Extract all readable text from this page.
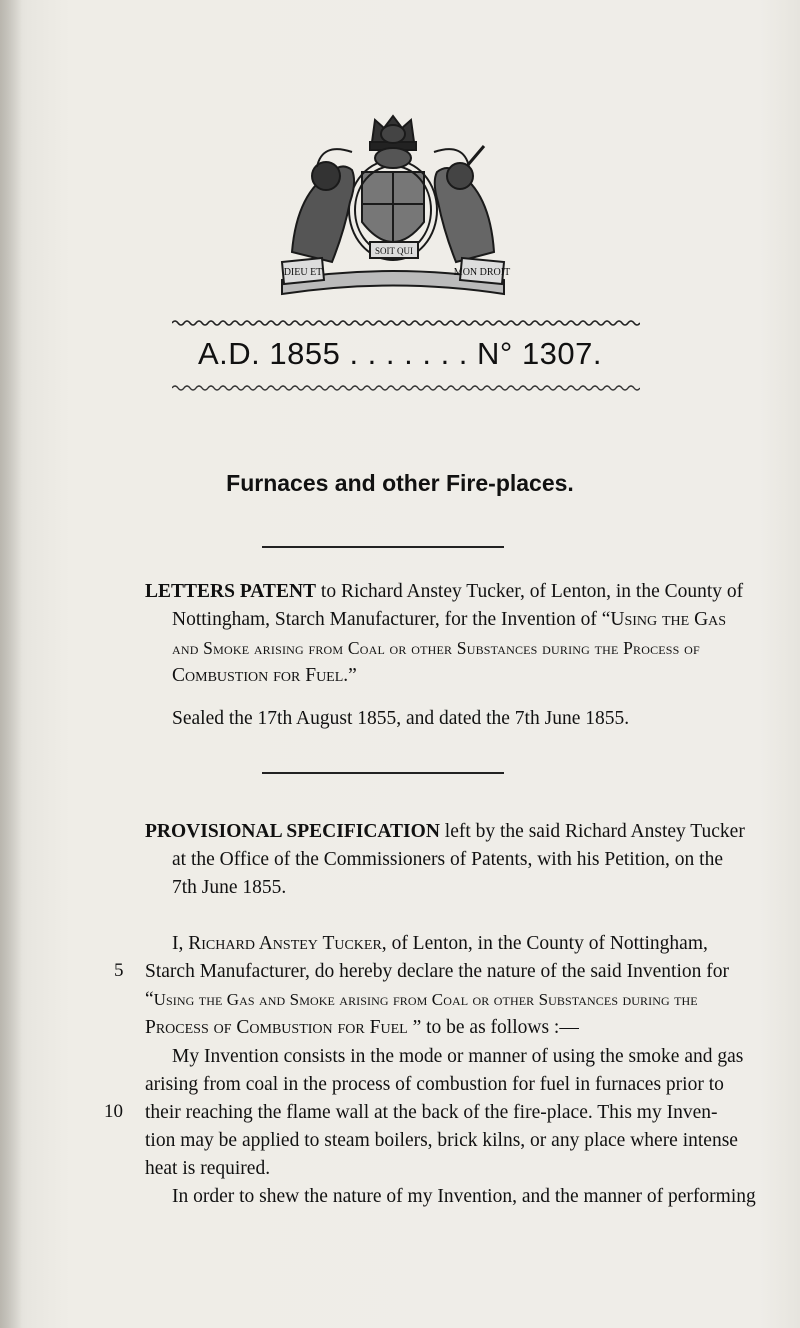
DIEU ET
SOIT QUI
MON DROIT
A.D. 1855 . . . . . . . N° 1307.
Furnaces and other Fire-places.
LETTERS PATENT to Richard Anstey Tucker, of Lenton, in the County of
Nottingham, Starch Manufacturer, for the Invention of “Using the Gas
and Smoke arising from Coal or other Substances during the Process of
Combustion for Fuel.”
Sealed the 17th August 1855, and dated the 7th June 1855.
PROVISIONAL SPECIFICATION left by the said Richard Anstey Tucker
at the Office of the Commissioners of Patents, with his Petition, on the
7th June 1855.
I, Richard Anstey Tucker, of Lenton, in the County of Nottingham,
5 Starch Manufacturer, do hereby declare the nature of the said Invention for
“Using the Gas and Smoke arising from Coal or other Substances during the
Process of Combustion for Fuel ” to be as follows :—
My Invention consists in the mode or manner of using the smoke and gas
arising from coal in the process of combustion for fuel in furnaces prior to
10 their reaching the flame wall at the back of the fire-place. This my Inven-
tion may be applied to steam boilers, brick kilns, or any place where intense
heat is required.
In order to shew the nature of my Invention, and the manner of performing
